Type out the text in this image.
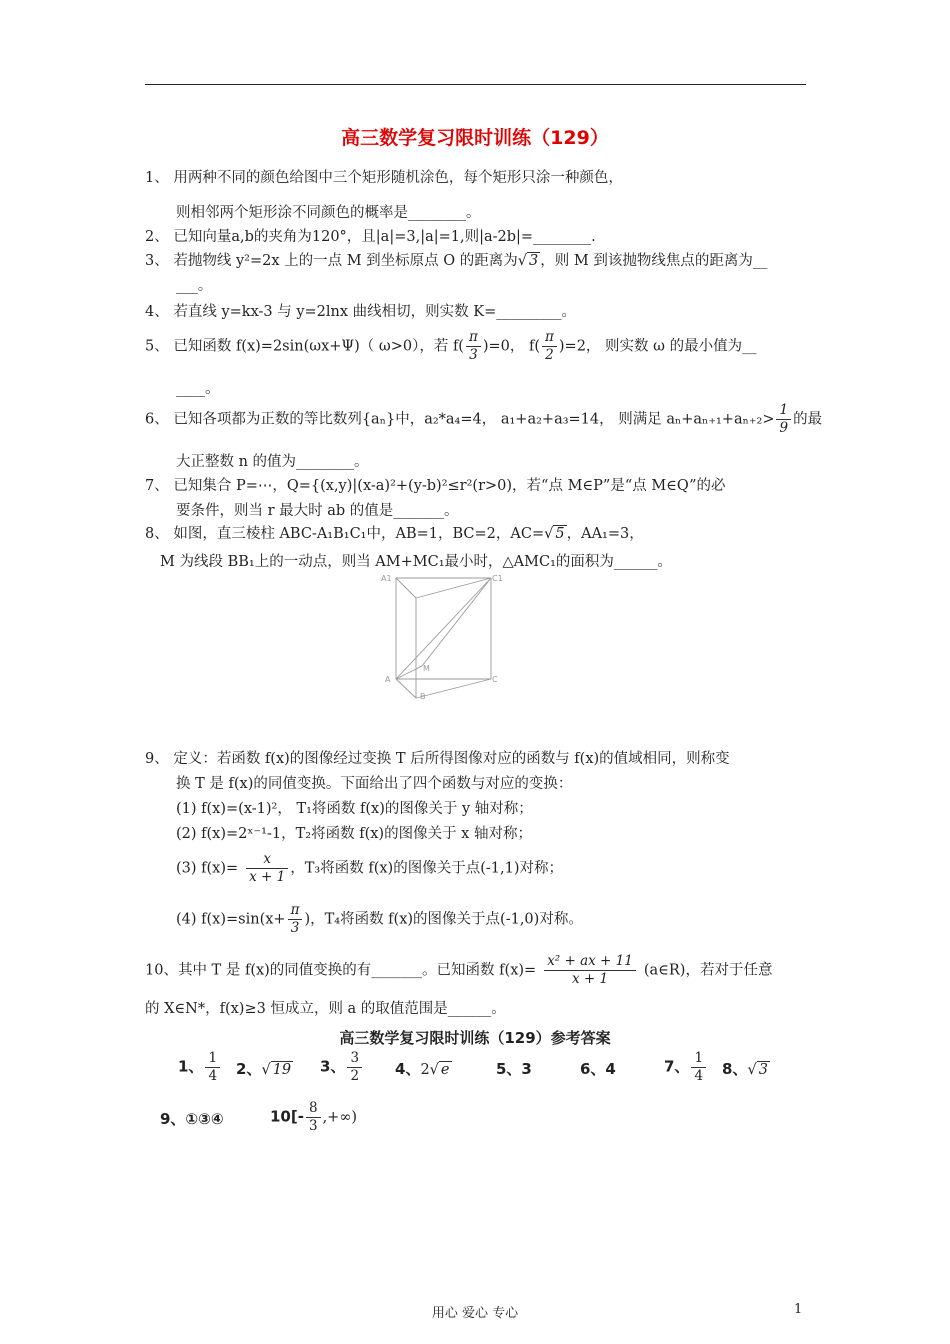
高三数学复习限时训练（129）
1、 用两种不同的颜色给图中三个矩形随机涂色，每个矩形只涂一种颜色，
则相邻两个矩形涂不同颜色的概率是________。
2、 已知向量a,b的夹角为120°，且|a|=3,|a|=1,则|a-2b|=________.
3、 若抛物线 y²=2x 上的一点 M 到坐标原点 O 的距离为√ 3 ，则 M 到该抛物线焦点的距离为__
___。
4、 若直线 y=kx-3 与 y=2lnx 曲线相切，则实数 K=_________。
5、 已知函数 f(x)=2sin(ωx+Ψ)（ ω>0），若 $f( \frac{\pi}{3} )=0$， $f( \frac{\pi}{2} )=2$， 则实数 ω 的最小值为__
____。
6、 已知各项都为正数的等比数列{aₙ}中，a₂*a₄=4， a₁+a₂+a₃=14， 则满足 $a_n+a_{n+1}+a_{n+2}> \frac{1}{9}$ 的最
大正整数 n 的值为________。
7、 已知集合 P=⋯，Q={(x,y)|(x-a)²+(y-b)²≤r²(r>0)，若“点 M∈P”是“点 M∈Q”的必
要条件，则当 r 最大时 ab 的值是_______。
8、 如图，直三棱柱 ABC-A₁B₁C₁中，AB=1，BC=2，AC=√ 5 ，AA₁=3，
M 为线段 BB₁上的一动点，则当 AM+MC₁最小时，△AMC₁的面积为______。
A1	C1
A
B
C
M
9、 定义：若函数 f(x)的图像经过变换 T 后所得图像对应的函数与 f(x)的值域相同，则称变
换 T 是 f(x)的同值变换。下面给出了四个函数与对应的变换：
(1) f(x)=(x-1)²， T₁将函数 f(x)的图像关于 y 轴对称；
(2) f(x)=2ˣ⁻¹-1，T₂将函数 f(x)的图像关于 x 轴对称；
(3) $f(x)= \frac{x}{x + 1}$ ，T₃将函数 f(x)的图像关于点(-1,1)对称；
(4) $f(x)=\sin(x+ \frac{\pi}{3}$ )，T₄将函数 f(x)的图像关于点(-1,0)对称。
10、其中 T 是 f(x)的同值变换的有_______。已知函数 $f(x)= \frac{\text{x² + ax + 11}}{x + 1}$ (a∈R)，若对于任意
的 X∈N*，f(x)≥3 恒成立，则 a 的取值范围是______。
高三数学复习限时训练（129）参考答案
1、 $\frac{1}{4} 2$、√ 19 3、 $\frac{3}{2} 4$、2√ e	5、3	6、4	7、 $\frac{1}{4} 8$、√ 3
9、①③④	$10[- \frac{8}{3}$ ,+∞)
用心 爱心 专心	1
